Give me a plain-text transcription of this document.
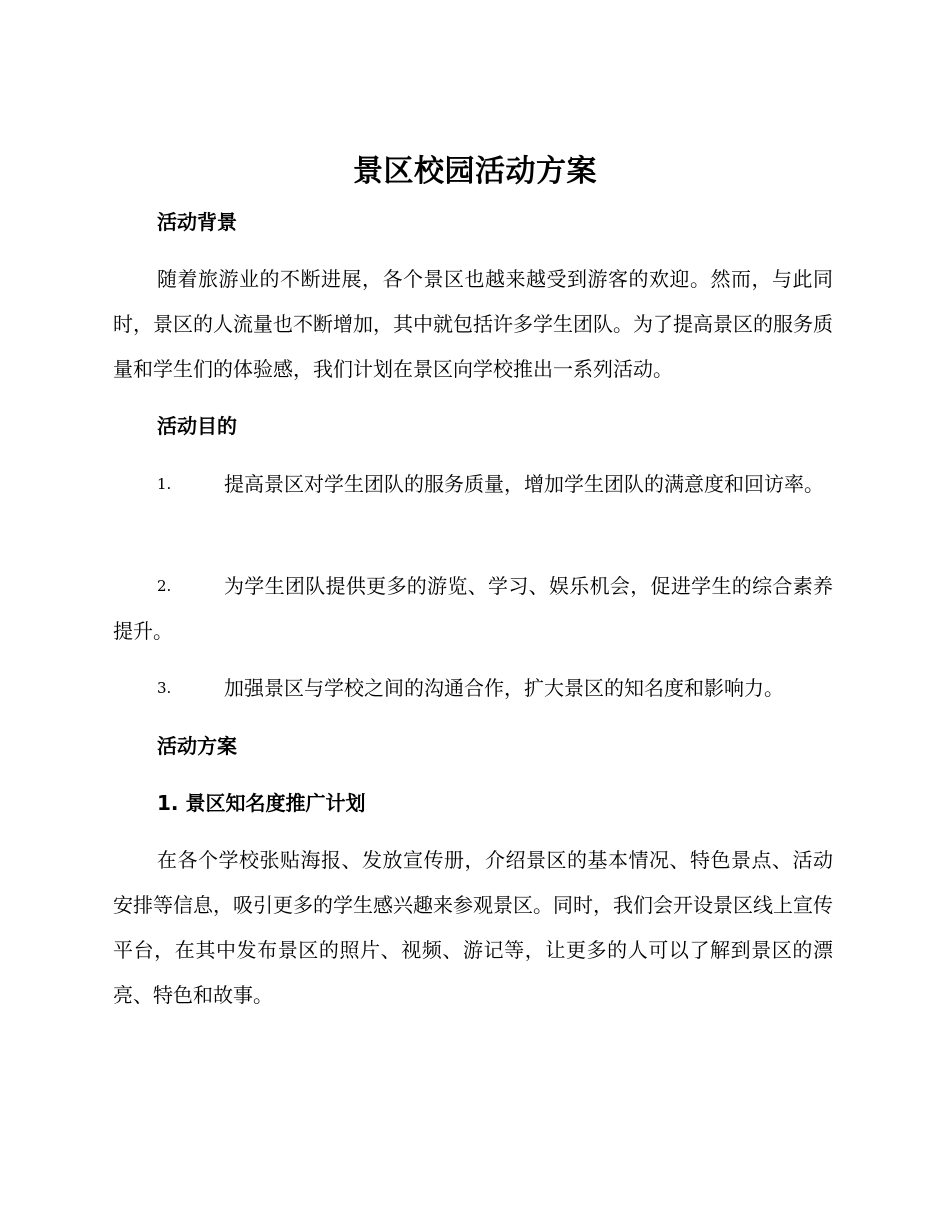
景区校园活动方案
活动背景
随着旅游业的不断进展，各个景区也越来越受到游客的欢迎。然而，与此同时，景区的人流量也不断增加，其中就包括许多学生团队。为了提高景区的服务质量和学生们的体验感，我们计划在景区向学校推出一系列活动。
活动目的
1.	提高景区对学生团队的服务质量，增加学生团队的满意度和回访率。
2.	为学生团队提供更多的游览、学习、娱乐机会，促进学生的综合素养提升。
3.	加强景区与学校之间的沟通合作，扩大景区的知名度和影响力。
活动方案
1. 景区知名度推广计划
在各个学校张贴海报、发放宣传册，介绍景区的基本情况、特色景点、活动安排等信息，吸引更多的学生感兴趣来参观景区。同时，我们会开设景区线上宣传平台，在其中发布景区的照片、视频、游记等，让更多的人可以了解到景区的漂亮、特色和故事。
